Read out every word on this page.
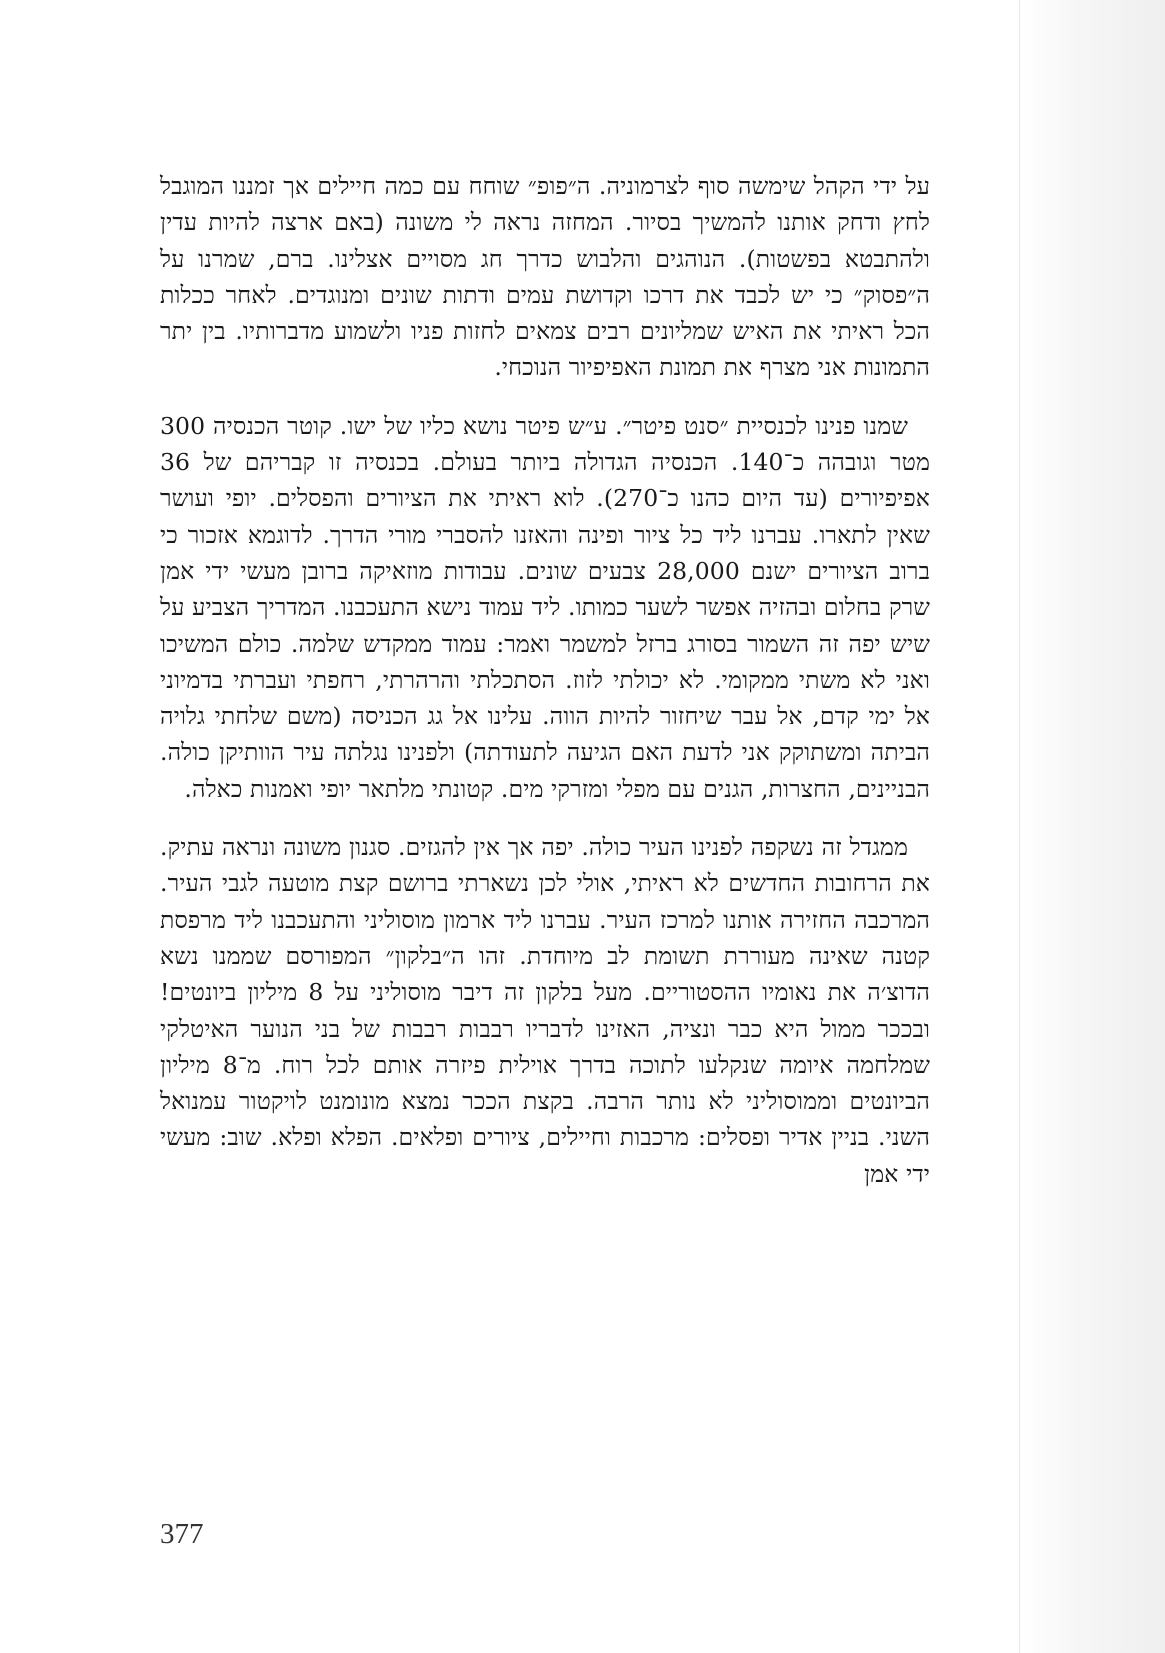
על ידי הקהל שימשה סוף לצרמוניה. ה״פופ״ שוחח עם כמה חיילים אך זמננו המוגבל לחץ ודחק אותנו להמשיך בסיור. המחזה נראה לי משונה (באם ארצה להיות עדין ולהתבטא בפשטות). הנוהגים והלבוש כדרך חג מסויים אצלינו. ברם, שמרנו על ה״פסוק״ כי יש לכבד את דרכו וקדושת עמים ודתות שונים ומנוגדים. לאחר ככלות הכל ראיתי את האיש שמליונים רבים צמאים לחזות פניו ולשמוע מדברותיו. בין יתר התמונות אני מצרף את תמונת האפיפיור הנוכחי.

שמנו פנינו לכנסיית ״סנט פיטר״. ע״ש פיטר נושא כליו של ישו. קוטר הכנסיה 300 מטר וגובהה כ־140. הכנסיה הגדולה ביותר בעולם. בכנסיה זו קבריהם של 36 אפיפיורים (עד היום כהנו כ־270). לוא ראיתי את הציורים והפסלים. יופי ועושר שאין לתארו. עברנו ליד כל ציור ופינה והאזנו להסברי מורי הדרך. לדוגמא אזכור כי ברוב הציורים ישנם 28,000 צבעים שונים. עבודות מוזאיקה ברובן מעשי ידי אמן שרק בחלום ובהזיה אפשר לשער כמותו. ליד עמוד נישא התעכבנו. המדריך הצביע על שיש יפה זה השמור בסורג ברזל למשמר ואמר: עמוד ממקדש שלמה. כולם המשיכו ואני לא משתי ממקומי. לא יכולתי לזוז. הסתכלתי והרהרתי, רחפתי ועברתי בדמיוני אל ימי קדם, אל עבר שיחזור להיות הווה. עלינו אל גג הכניסה (משם שלחתי גלויה הביתה ומשתוקק אני לדעת האם הגיעה לתעודתה) ולפנינו נגלתה עיר הוותיקן כולה. הבניינים, החצרות, הגנים עם מפלי ומזרקי מים. קטונתי מלתאר יופי ואמנות כאלה.

ממגדל זה נשקפה לפנינו העיר כולה. יפה אך אין להגזים. סגנון משונה ונראה עתיק. את הרחובות החדשים לא ראיתי, אולי לכן נשארתי ברושם קצת מוטעה לגבי העיר. המרכבה החזירה אותנו למרכז העיר. עברנו ליד ארמון מוסוליני והתעכבנו ליד מרפסת קטנה שאינה מעוררת תשומת לב מיוחדת. זהו ה״בלקון״ המפורסם שממנו נשא הדוצ׳ה את נאומיו ההסטוריים. מעל בלקון זה דיבר מוסוליני על 8 מיליון ביונטים! ובככר ממול היא כבר ונציה, האזינו לדבריו רבבות רבבות של בני הנוער האיטלקי שמלחמה איומה שנקלעו לתוכה בדרך אוילית פיזרה אותם לכל רוח. מ־8 מיליון הביונטים וממוסוליני לא נותר הרבה. בקצת הככר נמצא מונומנט לויקטור עמנואל השני. בניין אדיר ופסלים: מרכבות וחיילים, ציורים ופלאים. הפלא ופלא. שוב: מעשי ידי אמן

377
